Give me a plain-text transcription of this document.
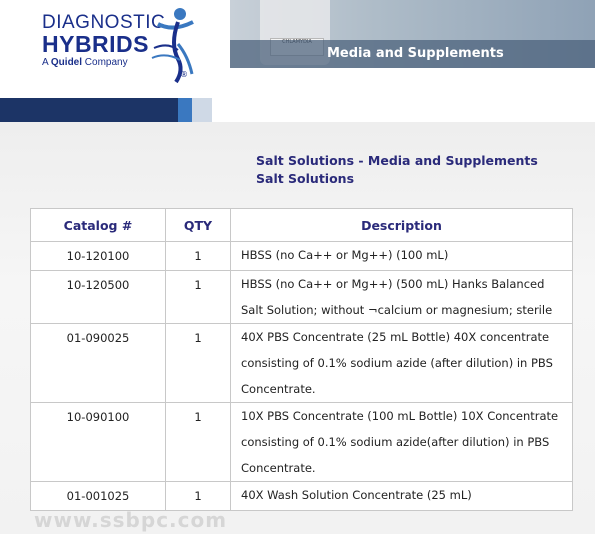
DIAGNOSTIC
HYBRIDS
A Quidel Company
®
Media and Supplements
Salt Solutions - Media and Supplements
Salt Solutions
Catalog #	QTY	Description
10-120100	1	HBSS (no Ca++ or Mg++) (100 mL)
10-120500	1	HBSS (no Ca++ or Mg++) (500 mL) Hanks Balanced Salt Solution; without ¬calcium or magnesium; sterile
01-090025	1	40X PBS Concentrate (25 mL Bottle) 40X concentrate consisting of 0.1% sodium azide (after dilution) in PBS Concentrate.
10-090100	1	10X PBS Concentrate (100 mL Bottle) 10X Concentrate consisting of 0.1% sodium azide(after dilution) in PBS Concentrate.
01-001025	1	40X Wash Solution Concentrate (25 mL)
www.ssbpc.com
